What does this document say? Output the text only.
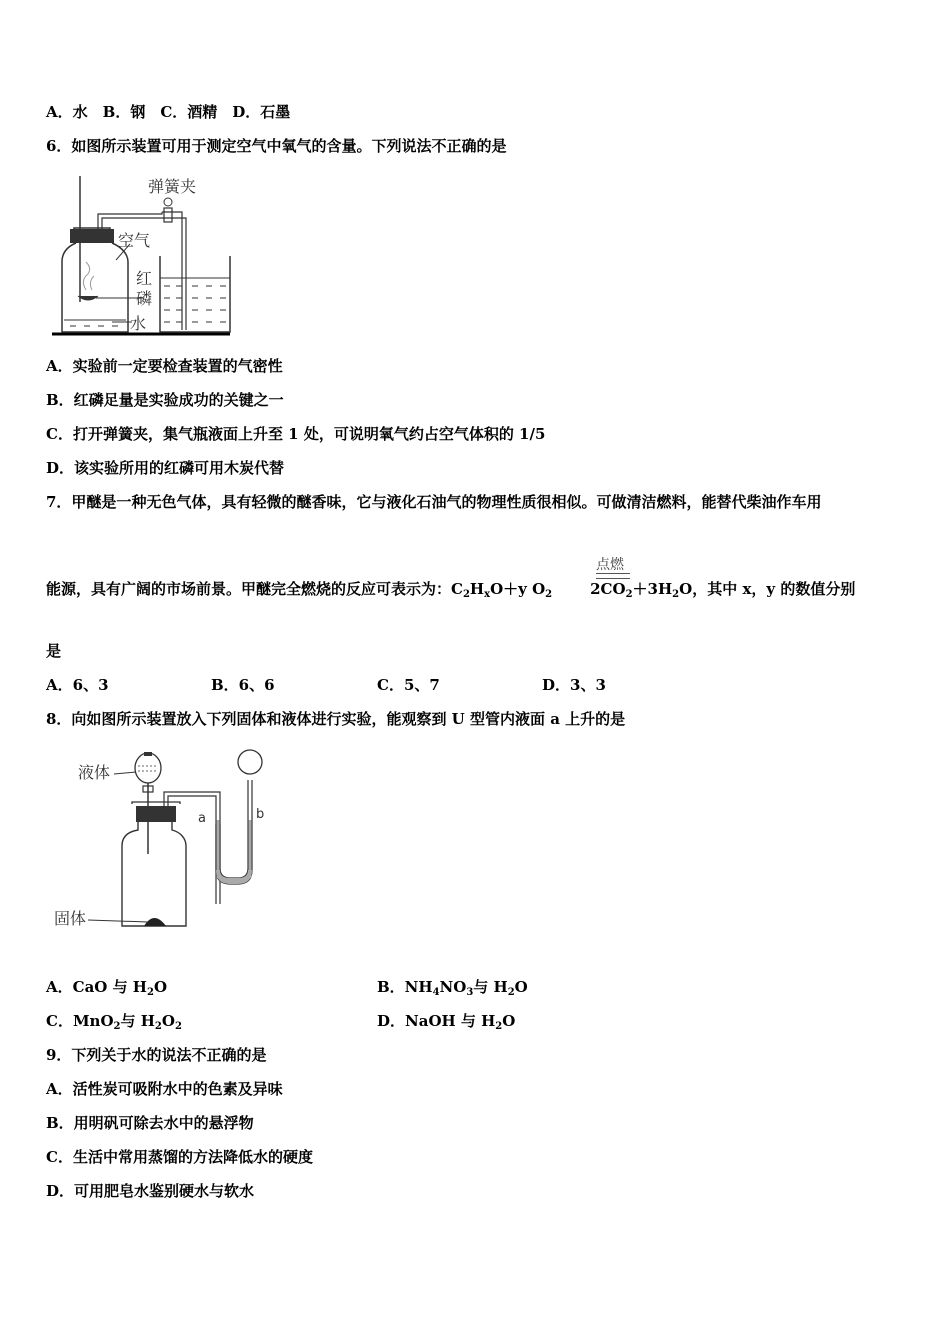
A．水　B．钢　C．酒精　D．石墨
6．如图所示装置可用于测定空气中氧气的含量。下列说法不正确的是
弹簧夹
空气
红
磷
水
A．实验前一定要检查装置的气密性
B．红磷足量是实验成功的关键之一
C．打开弹簧夹，集气瓶液面上升至 1 处，可说明氧气约占空气体积的 1/5
D．该实验所用的红磷可用木炭代替
7．甲醚是一种无色气体，具有轻微的醚香味，它与液化石油气的物理性质很相似。可做清洁燃料，能替代柴油作车用
点燃
能源，具有广阔的市场前景。甲醚完全燃烧的反应可表示为：$C_2H_xO+y$ $O_2$	$2CO_2+3H_2O$，其中 x，y 的数值分别
是
A．6、3	B．6、6	C．5、7	D．3、3
8．向如图所示装置放入下列固体和液体进行实验，能观察到 U 型管内液面 a 上升的是
液体
a	b
固体
A．CaO 与 $H_2O$	B．$NH_4NO_3$与 $H_2O$
C．MnO$_2$与 $H_2O_2$	D．NaOH 与 $H_2O$
9．下列关于水的说法不正确的是
A．活性炭可吸附水中的色素及异味
B．用明矾可除去水中的悬浮物
C．生活中常用蒸馏的方法降低水的硬度
D．可用肥皂水鉴别硬水与软水
